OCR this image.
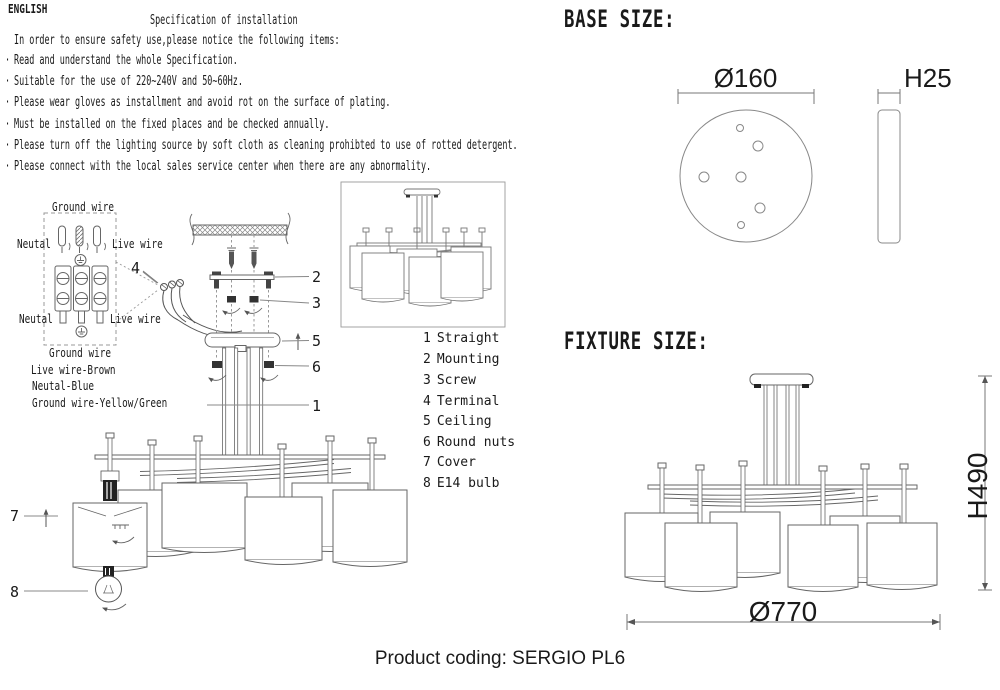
ENGLISH
Specification of installation
In order to ensure safety use,please notice the following items:
· Read and understand the whole Specification.
· Suitable for the use of 220~240V and 50~60Hz.
· Please wear gloves as installment and avoid rot on the surface of plating.
· Must be installed on the fixed places and be checked annually.
· Please turn off the lighting source by soft cloth as cleaning prohibted to use of rotted detergent.
· Please connect with the local sales service center when there are any abnormality.
Ground wire
Neutal	Live wire
Neutal	Live wire
Ground wire
Live wire-Brown
Neutal-Blue
Ground wire-Yellow/Green
4	2
3
5
6
1
7
8
1 Straight
2 Mounting
3 Screw
4 Terminal
5 Ceiling
6 Round nuts
7 Cover
8 E14 bulb
BASE SIZE:
FIXTURE SIZE:
Ø160	H25
H490
Ø770
Product coding: SERGIO PL6
